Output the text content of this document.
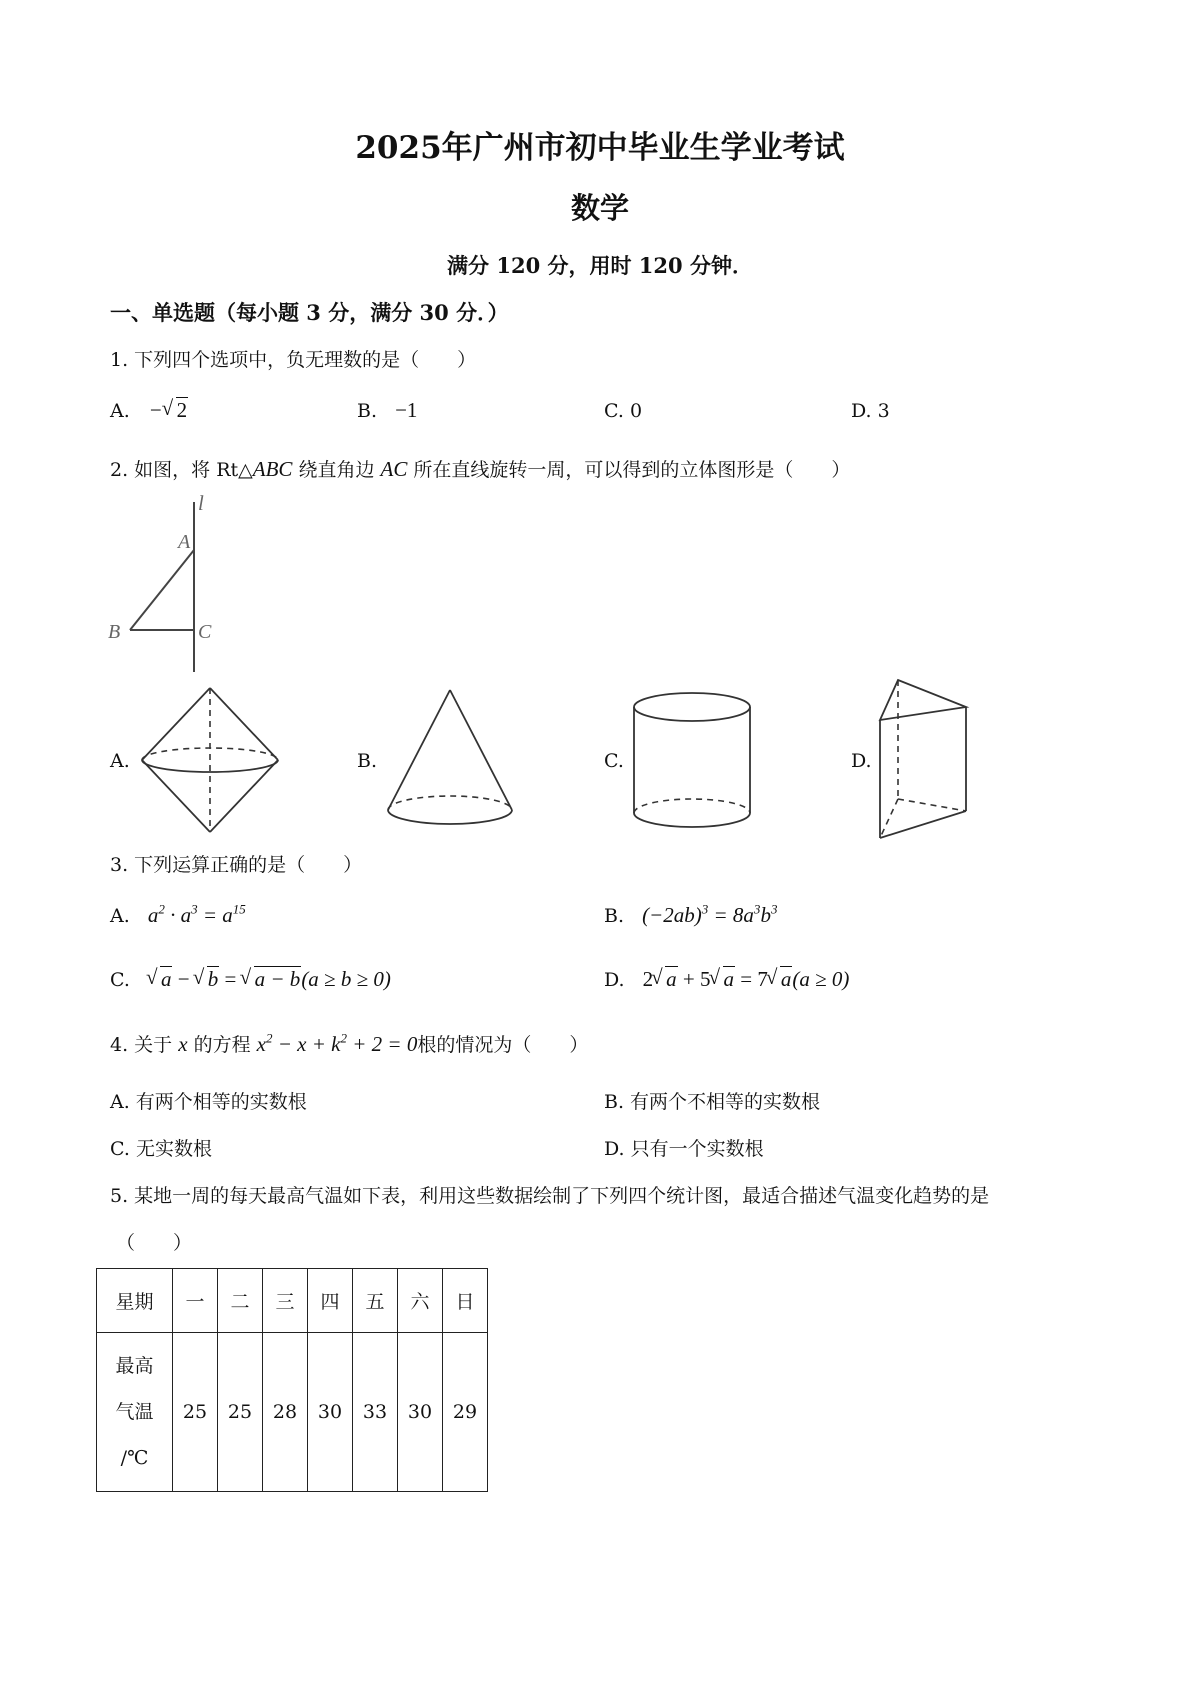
2025年广州市初中毕业生学业考试
数学
满分 120 分，用时 120 分钟．
一、单选题（每小题 3 分，满分 30 分．）
1. 下列四个选项中，负无理数的是（　　）
A. − √ 2	B. −1	C. 0	D. 3
2. 如图，将 Rt△ABC 绕直角边 AC 所在直线旋转一周，可以得到的立体图形是（　　）
l
A
B	C
A.	B.	C.	D.
3. 下列运算正确的是（　　）
A. $a^2 \cdot a^3 = a^{15}$	B. $(-2ab)^3 = 8a^3b^3$
C. √ a − √ b = √ a − b(a ≥ b ≥ 0)	D. 2 √ a + 5 √ a = 7 √ a(a ≥ 0)
4. 关于 x 的方程 $x^2 - x + k^2 + 2 = 0$根的情况为（　　）
A. 有两个相等的实数根	B. 有两个不相等的实数根
C. 无实数根	D. 只有一个实数根
5. 某地一周的每天最高气温如下表，利用这些数据绘制了下列四个统计图，最适合描述气温变化趋势的是
（　　）
星期	一	二	三	四	五	六	日

最高
气温
/℃	25	25	28	30	33	30	29
